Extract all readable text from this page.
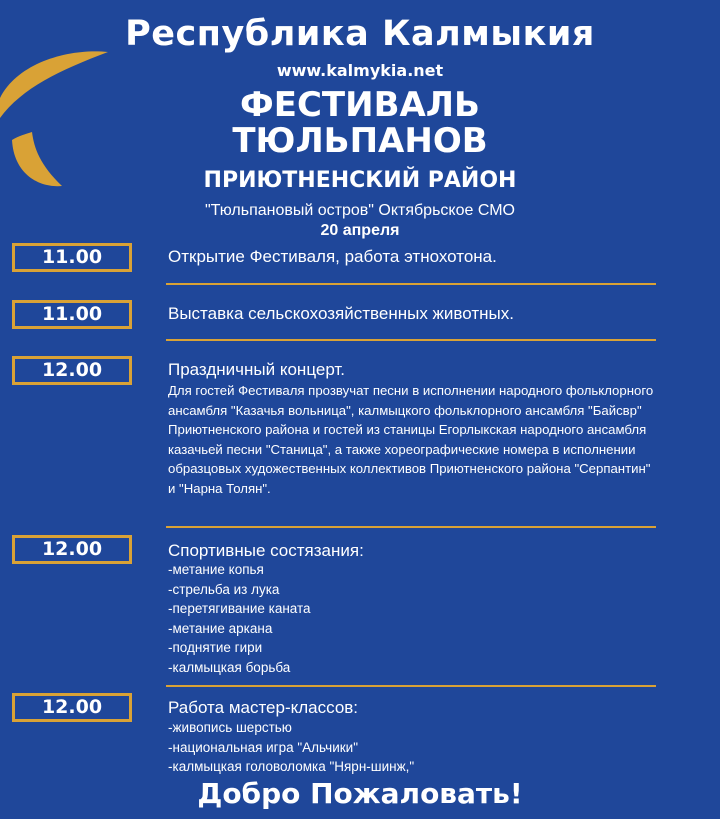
Республика Калмыкия
www.kalmykia.net
ФЕСТИВАЛЬ
ТЮЛЬПАНОВ
ПРИЮТНЕНСКИЙ РАЙОН
"Тюльпановый остров" Октябрьское СМО
20 апреля
11.00	Открытие Фестиваля, работа этнохотона.
11.00	Выставка сельскохозяйственных животных.
12.00	Праздничный концерт.
Для гостей Фестиваля прозвучат песни в исполнении народного фольклорного ансамбля "Казачья вольница", калмыцкого фольклорного ансамбля "Байсвр" Приютненского района и гостей из станицы Егорлыкская народного ансамбля казачьей песни "Станица", а также хореографические номера в исполнении образцовых художественных коллективов Приютненского района "Серпантин" и "Нарна Толян".
12.00	Спортивные состязания:
-метание копья
-стрельба из лука
-перетягивание каната
-метание аркана
-поднятие гири
-калмыцкая борьба
12.00	Работа мастер-классов:
-живопись шерстью
-национальная игра "Альчики"
-калмыцкая головоломка "Нярн-шинж,"
Добро Пожаловать!
